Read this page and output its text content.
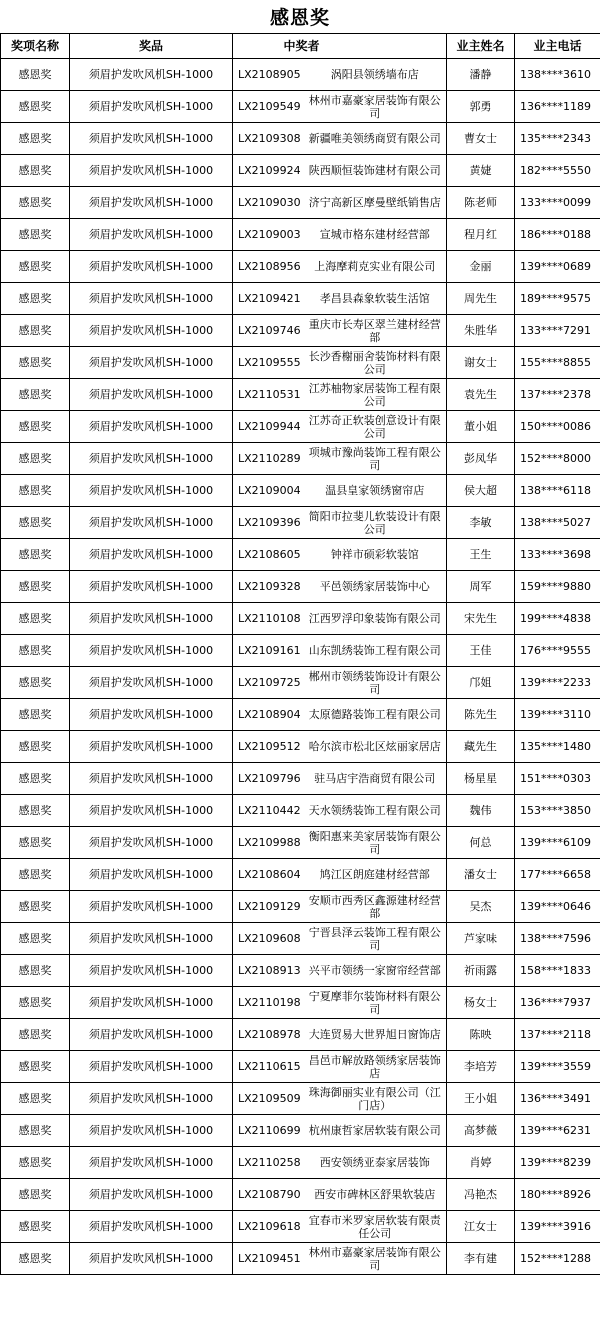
感恩奖
奖项名称	奖品	中奖者		业主姓名	业主电话
感恩奖	须眉护发吹风机SH-1000	LX2108905	涡阳县领绣墙布店	潘静	138****3610
感恩奖	须眉护发吹风机SH-1000	LX2109549	林州市嘉豪家居装饰有限公司	郭勇	136****1189
感恩奖	须眉护发吹风机SH-1000	LX2109308	新疆唯美领绣商贸有限公司	曹女士	135****2343
感恩奖	须眉护发吹风机SH-1000	LX2109924	陕西顺恒装饰建材有限公司	黄婕	182****5550
感恩奖	须眉护发吹风机SH-1000	LX2109030	济宁高新区摩曼壁纸销售店	陈老师	133****0099
感恩奖	须眉护发吹风机SH-1000	LX2109003	宣城市格东建材经营部	程月红	186****0188
感恩奖	须眉护发吹风机SH-1000	LX2108956	上海摩莉克实业有限公司	金丽	139****0689
感恩奖	须眉护发吹风机SH-1000	LX2109421	孝昌县森象软装生活馆	周先生	189****9575
感恩奖	须眉护发吹风机SH-1000	LX2109746	重庆市长寿区翠兰建材经营部	朱胜华	133****7291
感恩奖	须眉护发吹风机SH-1000	LX2109555	长沙香榭丽舍装饰材料有限公司	谢女士	155****8855
感恩奖	须眉护发吹风机SH-1000	LX2110531	江苏柚物家居装饰工程有限公司	袁先生	137****2378
感恩奖	须眉护发吹风机SH-1000	LX2109944	江苏奇正软装创意设计有限公司	董小姐	150****0086
感恩奖	须眉护发吹风机SH-1000	LX2110289	项城市豫尚装饰工程有限公司	彭凤华	152****8000
感恩奖	须眉护发吹风机SH-1000	LX2109004	温县皇家领绣窗帘店	侯大超	138****6118
感恩奖	须眉护发吹风机SH-1000	LX2109396	简阳市拉斐儿软装设计有限公司	李敏	138****5027
感恩奖	须眉护发吹风机SH-1000	LX2108605	钟祥市硕彩软装馆	王生	133****3698
感恩奖	须眉护发吹风机SH-1000	LX2109328	平邑领绣家居装饰中心	周军	159****9880
感恩奖	须眉护发吹风机SH-1000	LX2110108	江西罗浮印象装饰有限公司	宋先生	199****4838
感恩奖	须眉护发吹风机SH-1000	LX2109161	山东凯绣装饰工程有限公司	王佳	176****9555
感恩奖	须眉护发吹风机SH-1000	LX2109725	郴州市领绣装饰设计有限公司	邝姐	139****2233
感恩奖	须眉护发吹风机SH-1000	LX2108904	太原德路装饰工程有限公司	陈先生	139****3110
感恩奖	须眉护发吹风机SH-1000	LX2109512	哈尔滨市松北区炫丽家居店	藏先生	135****1480
感恩奖	须眉护发吹风机SH-1000	LX2109796	驻马店宇浩商贸有限公司	杨星星	151****0303
感恩奖	须眉护发吹风机SH-1000	LX2110442	天水领绣装饰工程有限公司	魏伟	153****3850
感恩奖	须眉护发吹风机SH-1000	LX2109988	衡阳惠来美家居装饰有限公司	何总	139****6109
感恩奖	须眉护发吹风机SH-1000	LX2108604	鸠江区朗庭建材经营部	潘女士	177****6658
感恩奖	须眉护发吹风机SH-1000	LX2109129	安顺市西秀区鑫源建材经营部	吴杰	139****0646
感恩奖	须眉护发吹风机SH-1000	LX2109608	宁晋县泽云装饰工程有限公司	芦家味	138****7596
感恩奖	须眉护发吹风机SH-1000	LX2108913	兴平市领绣一家窗帘经营部	祈雨露	158****1833
感恩奖	须眉护发吹风机SH-1000	LX2110198	宁夏摩菲尔装饰材料有限公司	杨女士	136****7937
感恩奖	须眉护发吹风机SH-1000	LX2108978	大连贸易大世界旭日窗饰店	陈映	137****2118
感恩奖	须眉护发吹风机SH-1000	LX2110615	昌邑市解放路领绣家居装饰店	李培芳	139****3559
感恩奖	须眉护发吹风机SH-1000	LX2109509	珠海御丽实业有限公司（江门店）	王小姐	136****3491
感恩奖	须眉护发吹风机SH-1000	LX2110699	杭州康哲家居软装有限公司	高梦薇	139****6231
感恩奖	须眉护发吹风机SH-1000	LX2110258	西安领绣亚泰家居装饰	肖婷	139****8239
感恩奖	须眉护发吹风机SH-1000	LX2108790	西安市碑林区舒果软装店	冯艳杰	180****8926
感恩奖	须眉护发吹风机SH-1000	LX2109618	宜春市米罗家居软装有限责任公司	江女士	139****3916
感恩奖	须眉护发吹风机SH-1000	LX2109451	林州市嘉豪家居装饰有限公司	李有建	152****1288
